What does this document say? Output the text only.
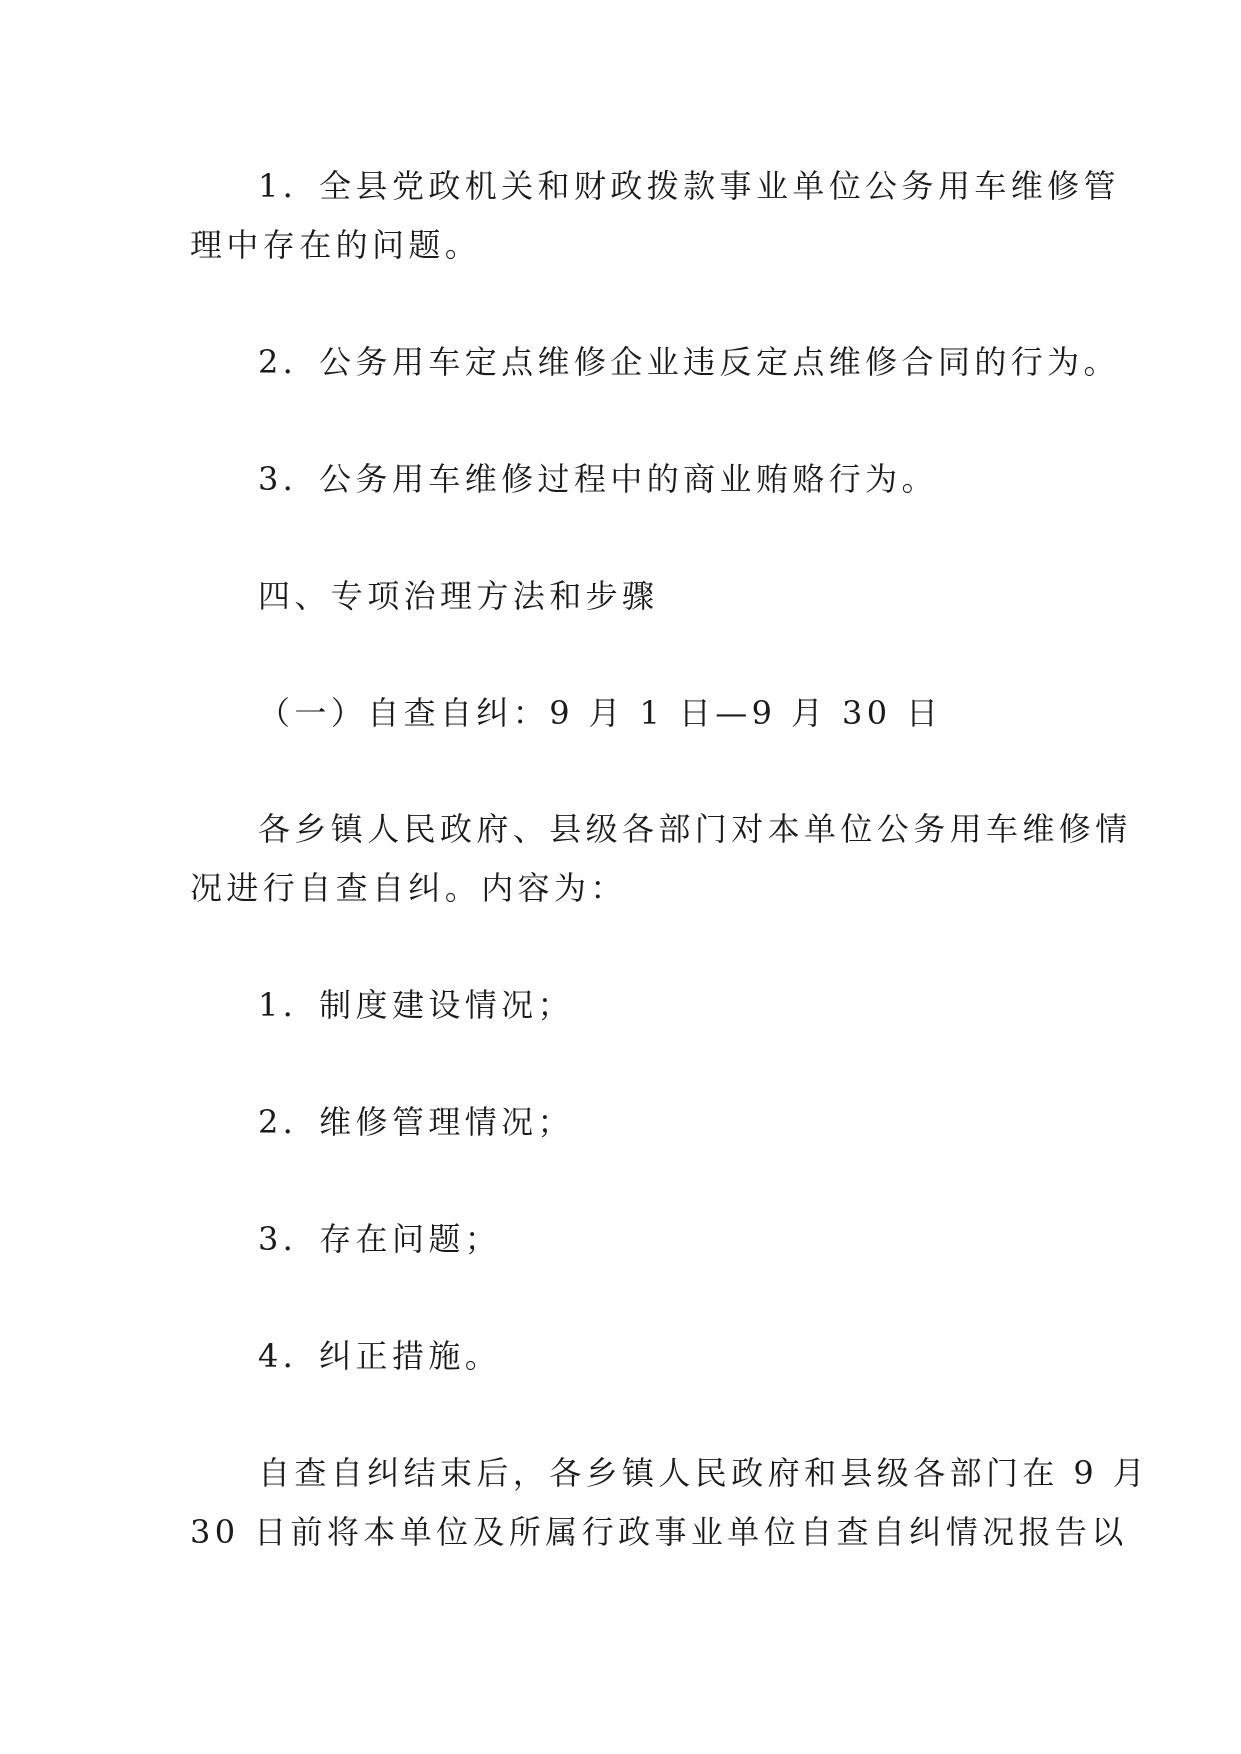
1．全县党政机关和财政拨款事业单位公务用车维修管
理中存在的问题。
2．公务用车定点维修企业违反定点维修合同的行为。
3．公务用车维修过程中的商业贿赂行为。
四、专项治理方法和步骤
（一）自查自纠：9 月 1 日—9 月 30 日
各乡镇人民政府、县级各部门对本单位公务用车维修情
况进行自查自纠。内容为：
1．制度建设情况；
2．维修管理情况；
3．存在问题；
4．纠正措施。
自查自纠结束后，各乡镇人民政府和县级各部门在 9 月
30 日前将本单位及所属行政事业单位自查自纠情况报告以
